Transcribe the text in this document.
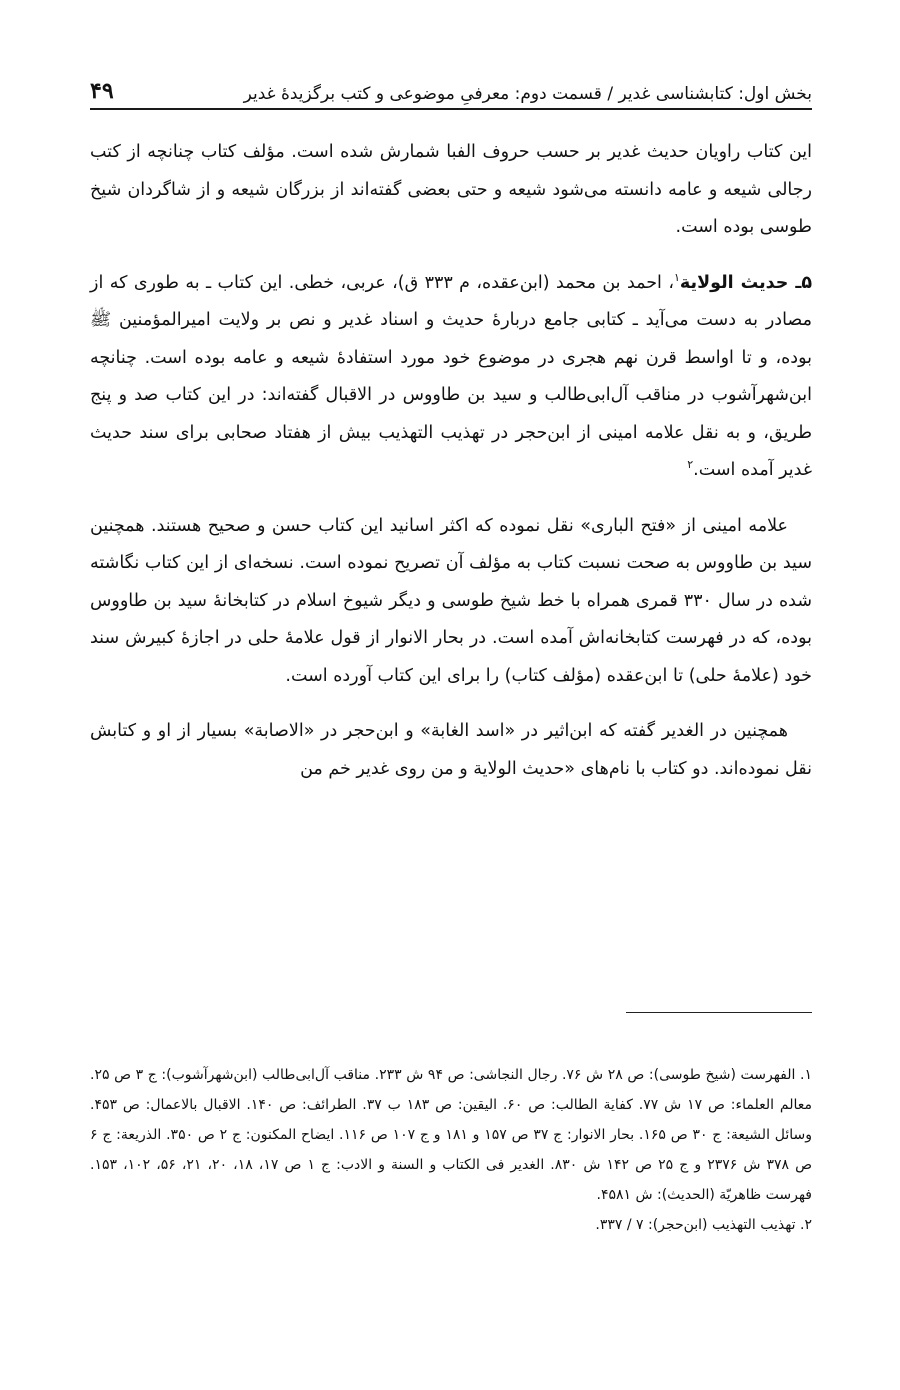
بخش اول: کتابشناسی غدیر / قسمت دوم: معرفیِ موضوعی و کتب برگزیدهٔ غدیر
۴۹

این کتاب راویان حدیث غدیر بر حسب حروف الفبا شمارش شده است. مؤلف کتاب چنانچه از کتب رجالی شیعه و عامه دانسته می‌شود شیعه و حتی بعضی گفته‌اند از بزرگان شیعه و از شاگردان شیخ طوسی بوده است.

۵ـ حدیث الولایة$^۱$، احمد بن محمد (ابن‌عقده، م ۳۳۳ ق)، عربی، خطی. این کتاب ـ به طوری که از مصادر به دست می‌آید ـ کتابی جامع دربارهٔ حدیث و اسناد غدیر و نص بر ولایت امیرالمؤمنین ﷺ بوده، و تا اواسط قرن نهم هجری در موضوع خود مورد استفادهٔ شیعه و عامه بوده است. چنانچه ابن‌شهرآشوب در مناقب آل‌ابی‌طالب و سید بن طاووس در الاقبال گفته‌اند: در این کتاب صد و پنج طریق، و به نقل علامه امینی از ابن‌حجر در تهذیب التهذیب بیش از هفتاد صحابی برای سند حدیث غدیر آمده است.$^۲$

علامه امینی از «فتح الباری» نقل نموده که اکثر اسانید این کتاب حسن و صحیح هستند. همچنین سید بن طاووس به صحت نسبت کتاب به مؤلف آن تصریح نموده است. نسخه‌ای از این کتاب نگاشته شده در سال ۳۳۰ قمری همراه با خط شیخ طوسی و دیگر شیوخ اسلام در کتابخانهٔ سید بن طاووس بوده، که در فهرست کتابخانه‌اش آمده است. در بحار الانوار از قول علامهٔ حلی در اجازهٔ کبیرش سند خود (علامهٔ حلی) تا ابن‌عقده (مؤلف کتاب) را برای این کتاب آورده است.

همچنین در الغدیر گفته که ابن‌اثیر در «اسد الغابة» و ابن‌حجر در «الاصابة» بسیار از او و کتابش نقل نموده‌اند. دو کتاب با نام‌های «حدیث الولایة و من روی غدیر خم من

۱. الفهرست (شیخ طوسی): ص ۲۸ ش ۷۶. رجال النجاشی: ص ۹۴ ش ۲۳۳. مناقب آل‌ابی‌طالب (ابن‌شهرآشوب): ج ۳ ص ۲۵. معالم العلماء: ص ۱۷ ش ۷۷. کفایة الطالب: ص ۶۰. الیقین: ص ۱۸۳ ب ۳۷. الطرائف: ص ۱۴۰. الاقبال بالاعمال: ص ۴۵۳. وسائل الشیعة: ج ۳۰ ص ۱۶۵. بحار الانوار: ج ۳۷ ص ۱۵۷ و ۱۸۱ و ج ۱۰۷ ص ۱۱۶. ایضاح المکنون: ج ۲ ص ۳۵۰. الذریعة: ج ۶ ص ۳۷۸ ش ۲۳۷۶ و ج ۲۵ ص ۱۴۲ ش ۸۳۰. الغدیر فی الکتاب و السنة و الادب: ج ۱ ص ۱۷، ۱۸، ۲۰، ۲۱، ۵۶، ۱۰۲، ۱۵۳. فهرست ظاهریّة (الحدیث): ش ۴۵۸۱.

۲. تهذیب التهذیب (ابن‌حجر): ۷ / ۳۳۷.
